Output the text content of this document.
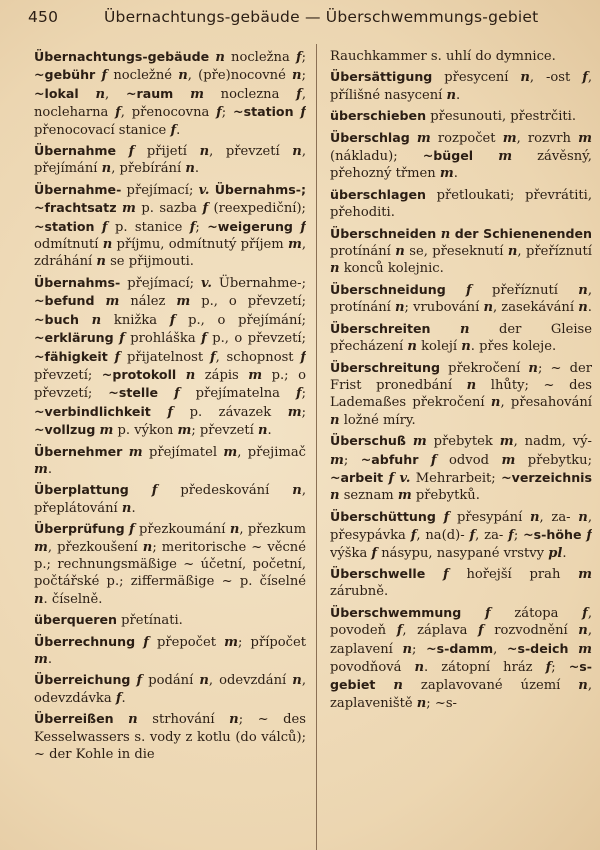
450	Übernachtungs-gebäude — Überschwemmungs-gebiet

Übernachtungs-gebäude n nocležna f; ~gebühr f nocležné n, (pře)nocovné n; ~lokal n, ~raum m noclezna f, nocleharna f, přenocovna f; ~station f přenocovací stanice f.

Übernahme f přijetí n, převzetí n, přejímání n, přebírání n.

Übernahme- přejímací; v. Übernahms-; ~frachtsatz m p. sazba f (reexpediční); ~station f p. stanice f; ~weigerung f odmítnutí n příjmu, odmítnutý příjem m, zdráhání n se přijmouti.

Übernahms- přejímací; v. Übernahme-; ~befund m nález m p., o převzetí; ~buch n knižka f p., o přejímání; ~erklärung f prohláška f p., o převzetí; ~fähigkeit f přijatelnost f, schopnost f převzetí; ~protokoll n zápis m p.; o převzetí; ~stelle f přejímatelna f; ~verbindlichkeit f p. závazek m; ~vollzug m p. výkon m; převzetí n.

Übernehmer m přejímatel m, přejimač m.

Überplattung f předeskování n, přeplátování n.

Überprüfung f přezkoumání n, přezkum m, přezkoušení n; meritorische ~ věcné p.; rechnungsmäßige ~ účetní, početní, počtářské p.; ziffermäßige ~ p. číselné n. číselně.

überqueren přetínati.

Überrechnung f přepočet m; přípočet m.

Überreichung f podání n, odevzdání n, odevzdávka f.

Überreißen n strhování n; ~ des Kesselwassers s. vody z kotlu (do válců); ~ der Kohle in die

Rauchkammer s. uhlí do dymnice.

Übersättigung přesycení n, -ost f, přílišné nasycení n.

überschieben přesunouti, přestrčiti.

Überschlag m rozpočet m, rozvrh m (nákladu); ~bügel m závěsný, přehozný třmen m.

überschlagen přetloukati; převrátiti, přehoditi.

Überschneiden n der Schienenenden protínání n se, přeseknutí n, přeříznutí n konců kolejnic.

Überschneidung f přeříznutí n, protínání n; vrubování n, zasekávání n.

Überschreiten n der Gleise přecházení n kolejí n. přes koleje.

Überschreitung překročení n; ~ der Frist pronedbání n lhůty; ~ des Lademaßes překročení n, přesahování n ložné míry.

Überschuß m přebytek m, nadm, vý- m; ~abfuhr f odvod m přebytku; ~arbeit f v. Mehrarbeit; ~verzeichnis n seznam m přebytků.

Überschüttung f přesypání n, za- n, přesypávka f, na(d)- f, za- f; ~s-höhe f výška f násypu, nasypané vrstvy pl.

Überschwelle f hořejší prah m zárubně.

Überschwemmung f zátopa f, povodeň f, záplava f rozvodnění n, zaplavení n; ~s-damm, ~s-deich m povodňová n. zátopní hráz f; ~s-gebiet n zaplavované území n, zaplaveniště n; ~s-
